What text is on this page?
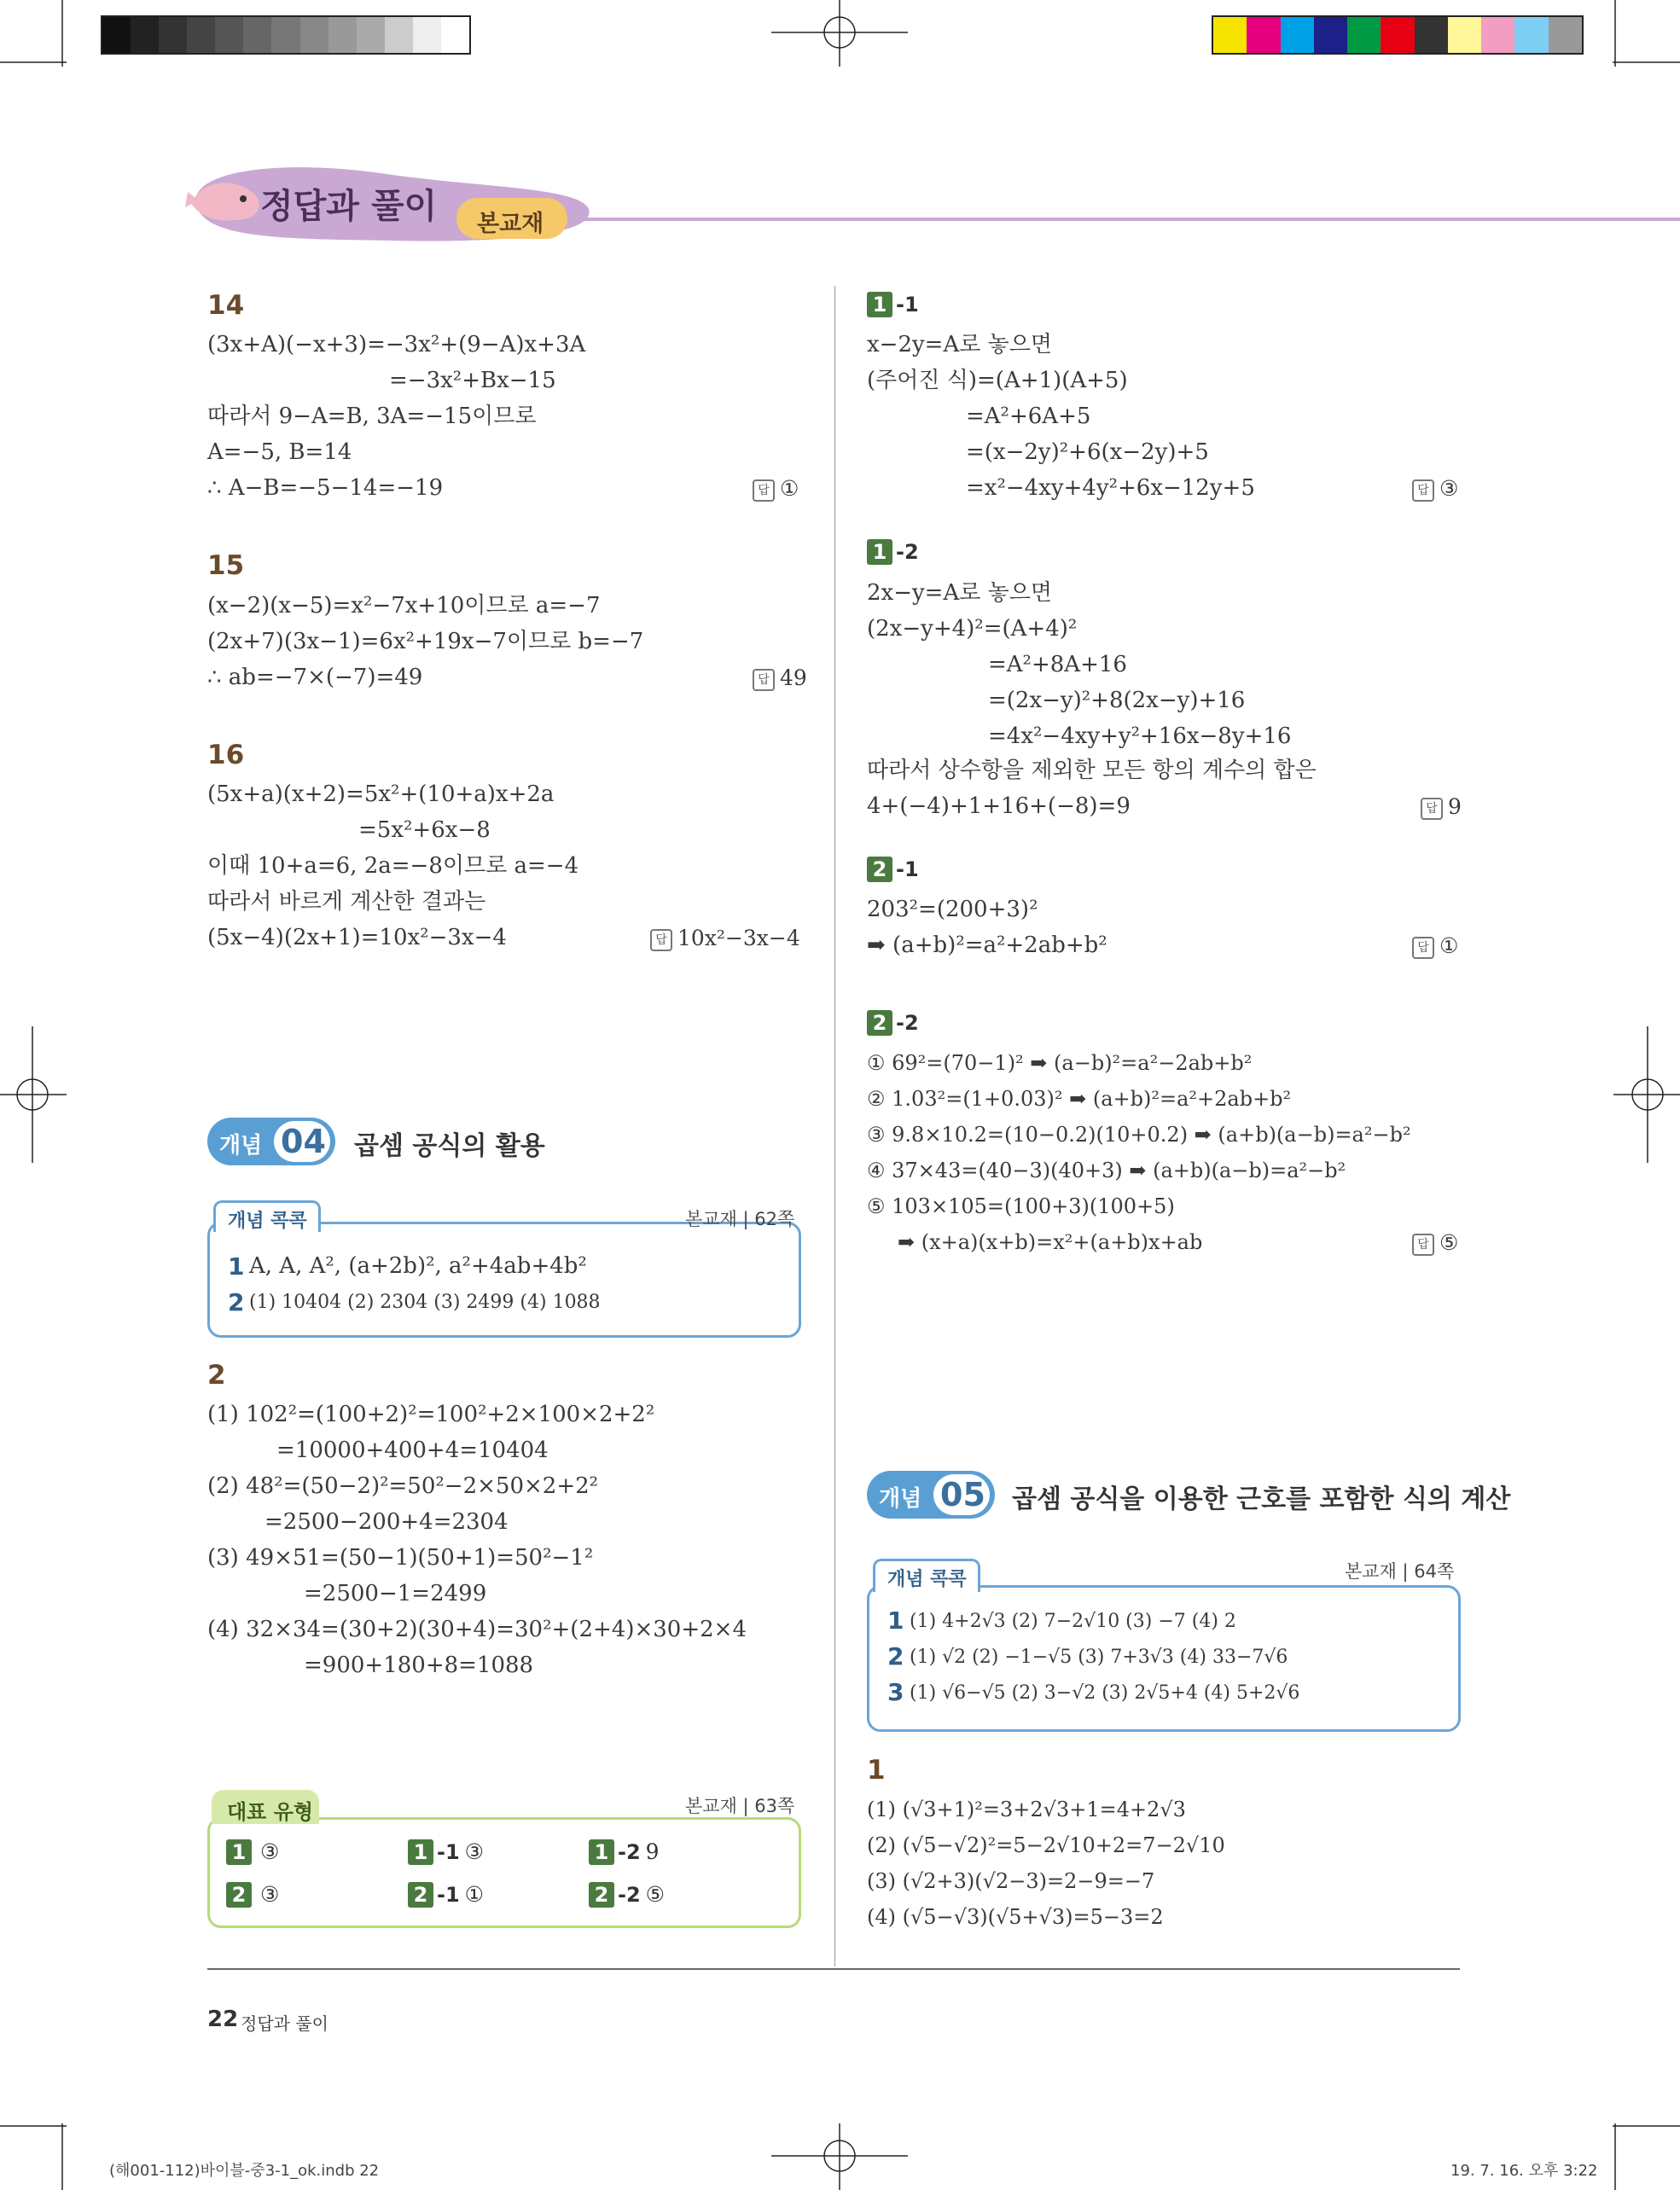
정답과 풀이 본교재
14
(3x+A)(−x+3)=−3x²+(9−A)x+3A
=−3x²+Bx−15
따라서 9−A=B, 3A=−15이므로
A=−5, B=14
∴ A−B=−5−14=−19	답 ①
15
(x−2)(x−5)=x²−7x+10이므로 a=−7
(2x+7)(3x−1)=6x²+19x−7이므로 b=−7
∴ ab=−7×(−7)=49	답 49
16
(5x+a)(x+2)=5x²+(10+a)x+2a
=5x²+6x−8
이때 10+a=6, 2a=−8이므로 a=−4
따라서 바르게 계산한 결과는
(5x−4)(2x+1)=10x²−3x−4	답 10x²−3x−4
개념 04 곱셈 공식의 활용
개념 콕콕	본교재 | 62쪽
1 A, A, A², (a+2b)², a²+4ab+4b²
2 (1) 10404 (2) 2304 (3) 2499 (4) 1088
2
(1) 102²=(100+2)²=100²+2×100×2+2²
=10000+400+4=10404
(2) 48²=(50−2)²=50²−2×50×2+2²
=2500−200+4=2304
(3) 49×51=(50−1)(50+1)=50²−1²
=2500−1=2499
(4) 32×34=(30+2)(30+4)=30²+(2+4)×30+2×4
=900+180+8=1088
대표 유형	본교재 | 63쪽
1 ③	1 -1 ③	1 -2 9
2 ③	2 -1 ①	2 -2 ⑤
1 -1
x−2y=A로 놓으면
(주어진 식)=(A+1)(A+5)
=A²+6A+5
=(x−2y)²+6(x−2y)+5
=x²−4xy+4y²+6x−12y+5	답 ③
1 -2
2x−y=A로 놓으면
(2x−y+4)²=(A+4)²
=A²+8A+16
=(2x−y)²+8(2x−y)+16
=4x²−4xy+y²+16x−8y+16
따라서 상수항을 제외한 모든 항의 계수의 합은
4+(−4)+1+16+(−8)=9	답 9
2 -1
203²=(200+3)²
➡ (a+b)²=a²+2ab+b²	답 ①
2 -2
① 69²=(70−1)² ➡ (a−b)²=a²−2ab+b²
② 1.03²=(1+0.03)² ➡ (a+b)²=a²+2ab+b²
③ 9.8×10.2=(10−0.2)(10+0.2) ➡ (a+b)(a−b)=a²−b²
④ 37×43=(40−3)(40+3) ➡ (a+b)(a−b)=a²−b²
⑤ 103×105=(100+3)(100+5)
➡ (x+a)(x+b)=x²+(a+b)x+ab	답 ⑤
개념 05 곱셈 공식을 이용한 근호를 포함한 식의 계산
개념 콕콕	본교재 | 64쪽
1 (1) 4+2√3 (2) 7−2√10 (3) −7 (4) 2
2 (1) √2 (2) −1−√5 (3) 7+3√3 (4) 33−7√6
3 (1) √6−√5 (2) 3−√2 (3) 2√5+4 (4) 5+2√6
1
(1) (√3+1)²=3+2√3+1=4+2√3
(2) (√5−√2)²=5−2√10+2=7−2√10
(3) (√2+3)(√2−3)=2−9=−7
(4) (√5−√3)(√5+√3)=5−3=2
22 정답과 풀이
(해001-112)바이블-중3-1_ok.indb 22	19. 7. 16. 오후 3:22
